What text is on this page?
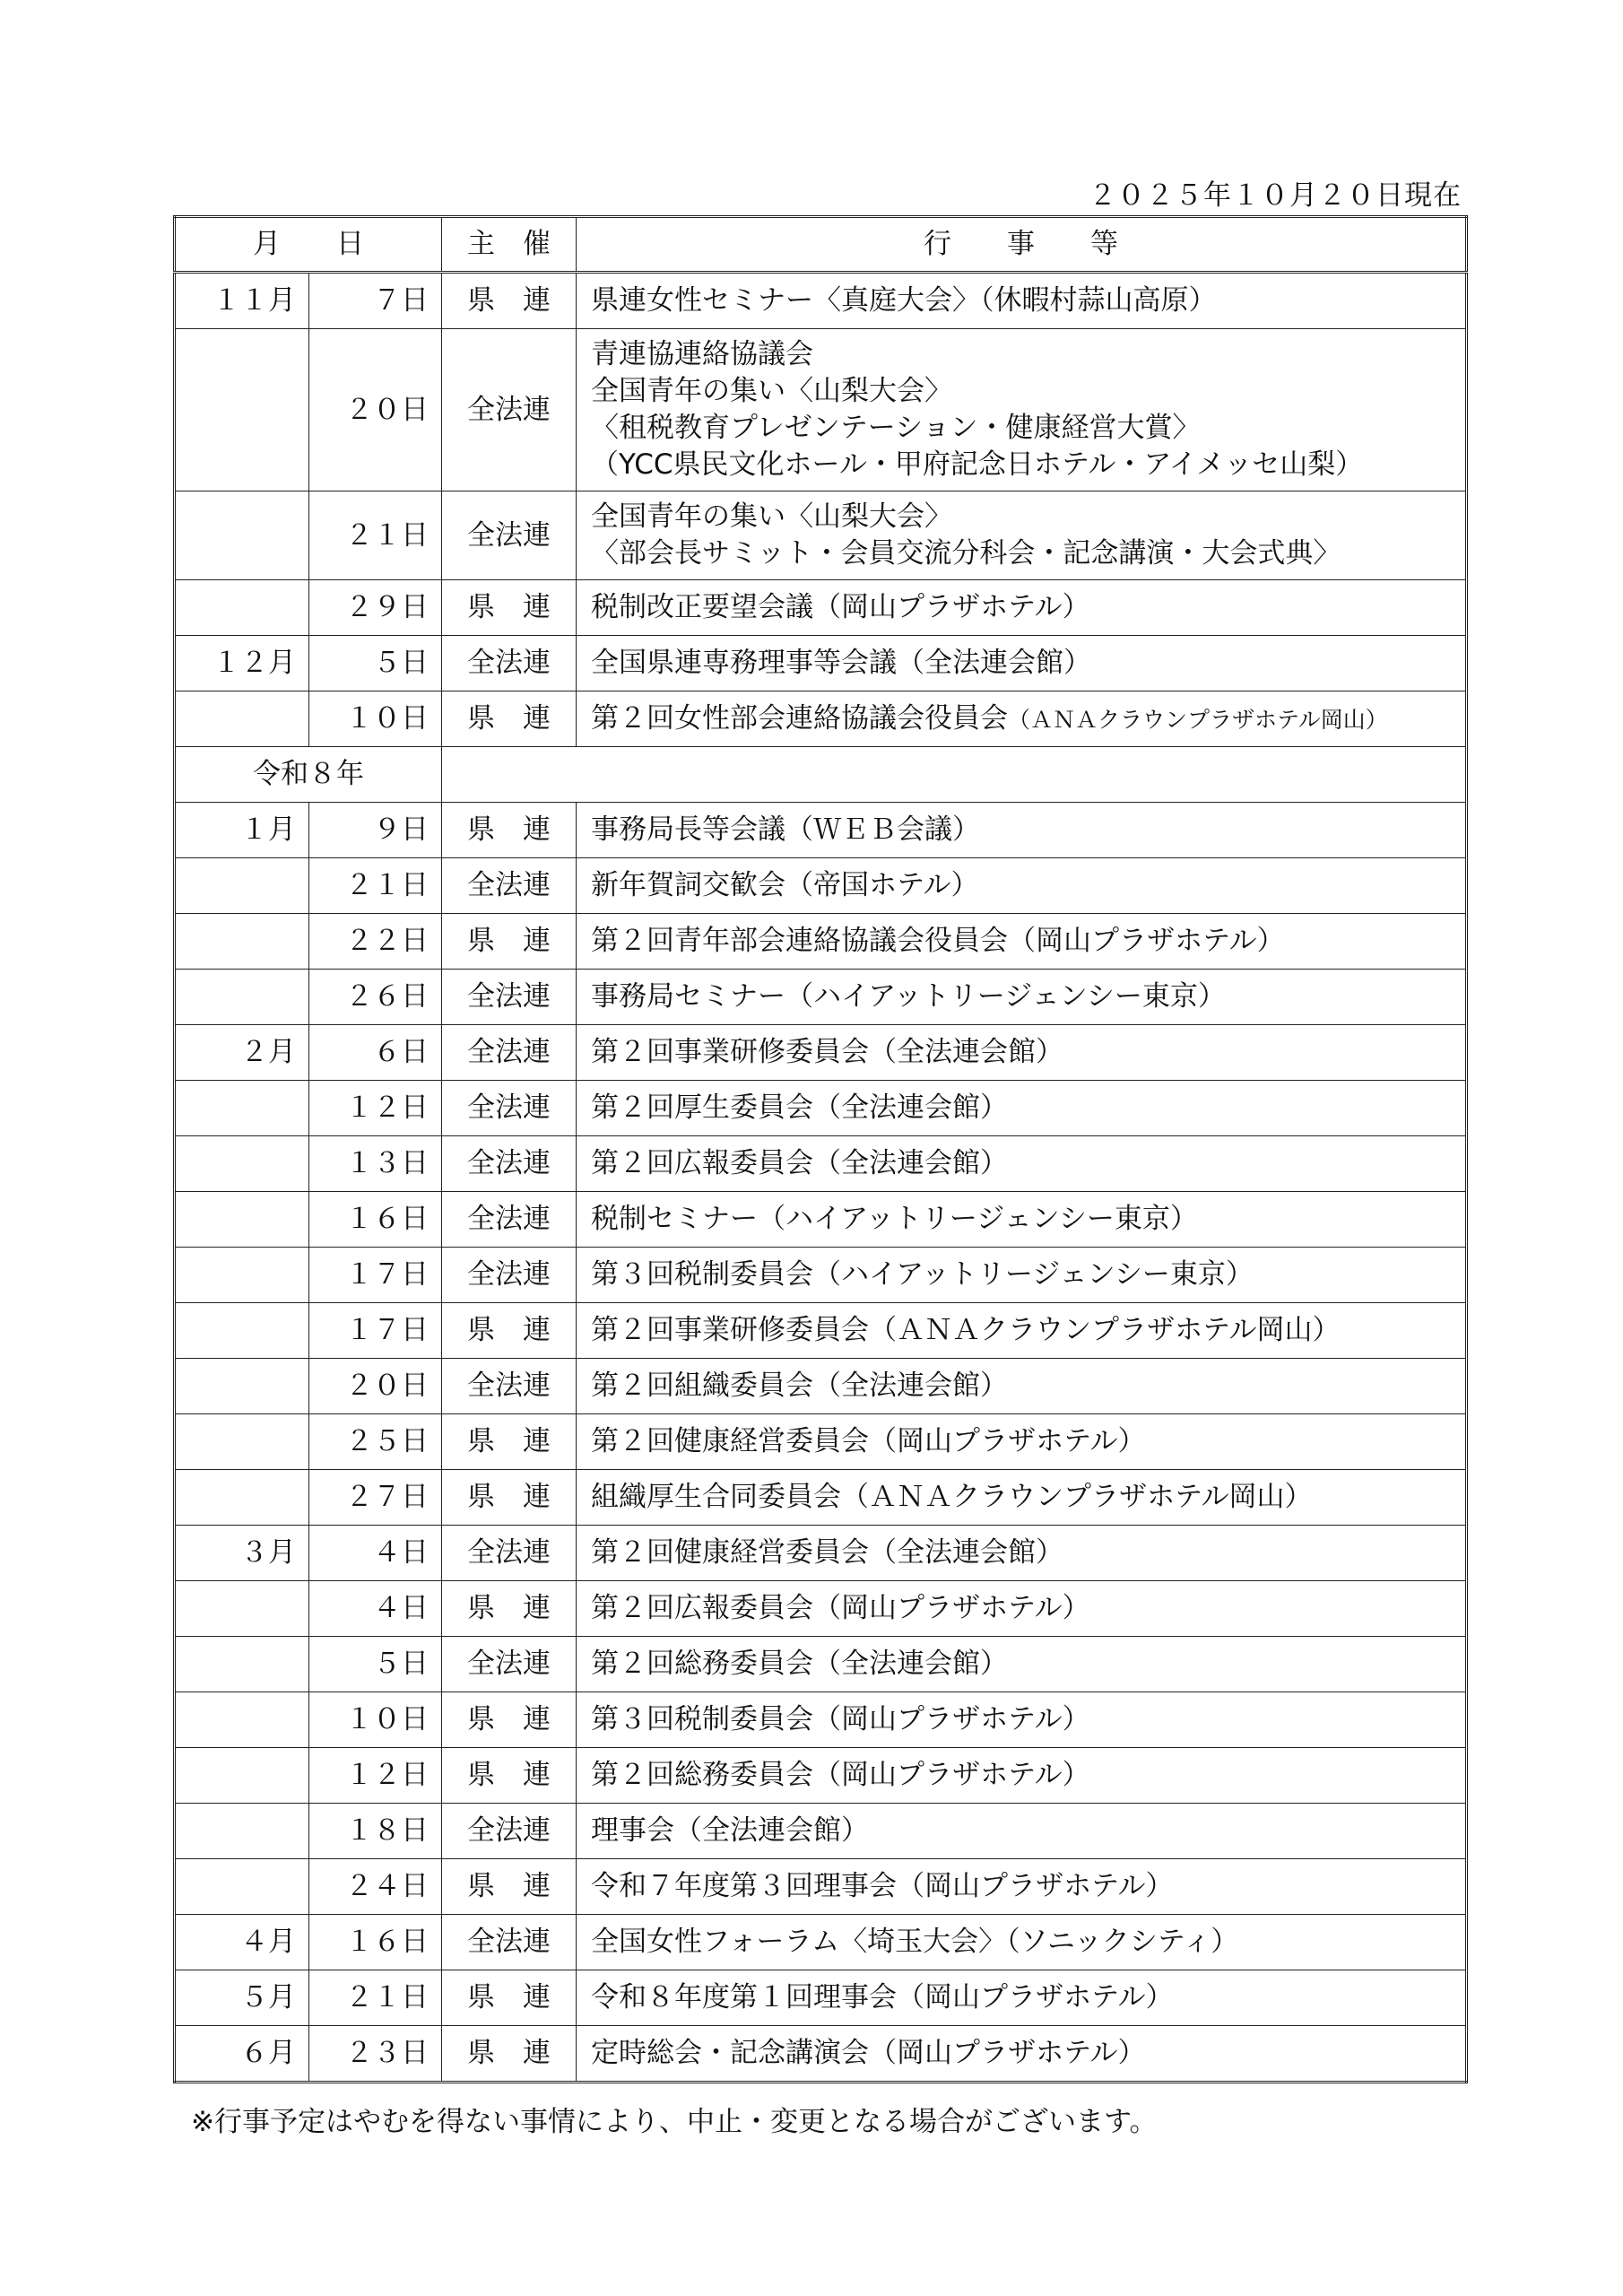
２０２５年１０月２０日現在
月　　日		主　催	行　　事　　等
１１月	７日	県　連	県連女性セミナー〈真庭大会〉（休暇村蒜山高原）
	２０日	全法連	青連協連絡協議会
全国青年の集い〈山梨大会〉
〈租税教育プレゼンテーション・健康経営大賞〉
（YCC県民文化ホール・甲府記念日ホテル・アイメッセ山梨）

	２１日	全法連	全国青年の集い〈山梨大会〉
〈部会長サミット・会員交流分科会・記念講演・大会式典〉

	２９日	県　連	税制改正要望会議（岡山プラザホテル）
１２月	５日	全法連	全国県連専務理事等会議（全法連会館）
	１０日	県　連	第２回女性部会連絡協議会役員会（ＡＮＡクラウンプラザホテル岡山）
令和８年			
１月	９日	県　連	事務局長等会議（ＷＥＢ会議）
	２１日	全法連	新年賀詞交歓会（帝国ホテル）
	２２日	県　連	第２回青年部会連絡協議会役員会（岡山プラザホテル）
	２６日	全法連	事務局セミナー（ハイアットリージェンシー東京）
２月	６日	全法連	第２回事業研修委員会（全法連会館）
	１２日	全法連	第２回厚生委員会（全法連会館）
	１３日	全法連	第２回広報委員会（全法連会館）
	１６日	全法連	税制セミナー（ハイアットリージェンシー東京）
	１７日	全法連	第３回税制委員会（ハイアットリージェンシー東京）
	１７日	県　連	第２回事業研修委員会（ＡＮＡクラウンプラザホテル岡山）
	２０日	全法連	第２回組織委員会（全法連会館）
	２５日	県　連	第２回健康経営委員会（岡山プラザホテル）
	２７日	県　連	組織厚生合同委員会（ＡＮＡクラウンプラザホテル岡山）
３月	４日	全法連	第２回健康経営委員会（全法連会館）
	４日	県　連	第２回広報委員会（岡山プラザホテル）
	５日	全法連	第２回総務委員会（全法連会館）
	１０日	県　連	第３回税制委員会（岡山プラザホテル）
	１２日	県　連	第２回総務委員会（岡山プラザホテル）
	１８日	全法連	理事会（全法連会館）
	２４日	県　連	令和７年度第３回理事会（岡山プラザホテル）
４月	１６日	全法連	全国女性フォーラム〈埼玉大会〉（ソニックシティ）
５月	２１日	県　連	令和８年度第１回理事会（岡山プラザホテル）
６月	２３日	県　連	定時総会・記念講演会（岡山プラザホテル）
※行事予定はやむを得ない事情により、中止・変更となる場合がございます。
